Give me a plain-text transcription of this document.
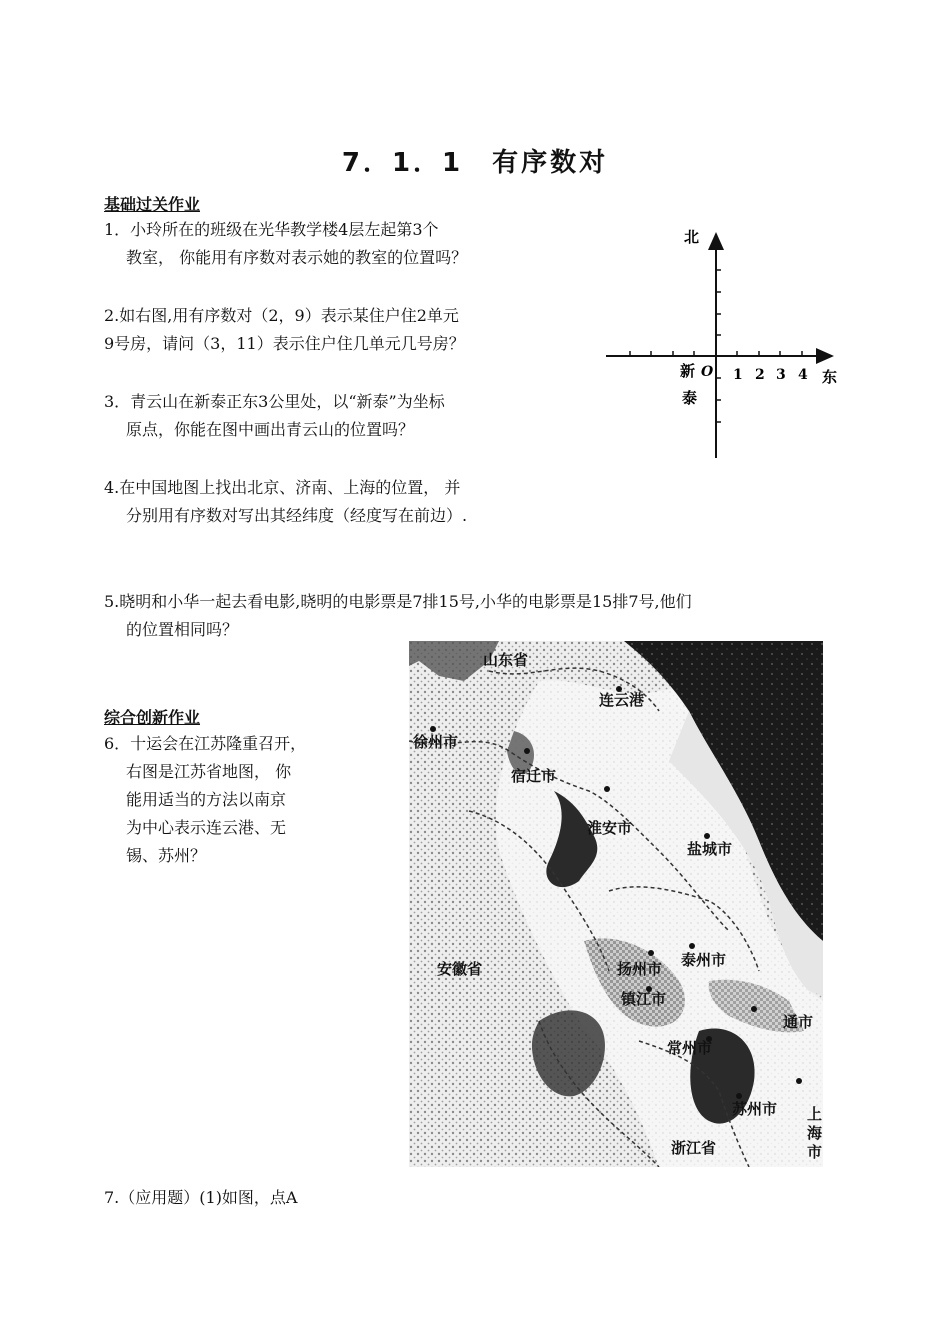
7．1．1　有序数对
基础过关作业
1．小玲所在的班级在光华教学楼4层左起第3个
教室， 你能用有序数对表示她的教室的位置吗？
2.如右图,用有序数对（2，9）表示某住户住2单元
9号房，请问（3，11）表示住户住几单元几号房？
3．青云山在新泰正东3公里处，以“新泰”为坐标
原点，你能在图中画出青云山的位置吗？
4.在中国地图上找出北京、济南、上海的位置， 并
分别用有序数对写出其经纬度（经度写在前边）.
北
东
O
新
泰
1 2 3 4
5.晓明和小华一起去看电影,晓明的电影票是7排15号,小华的电影票是15排7号,他们
的位置相同吗？
综合创新作业
6．十运会在江苏隆重召开，
右图是江苏省地图， 你
能用适当的方法以南京
为中心表示连云港、无
锡、苏州？
山东省
连云港
徐州市
宿迁市
淮安市
盐城市
安徽省	泰州市
扬州市
镇江市
通市
常州市
苏州市 上
海
市
浙江省
7.（应用题）(1)如图，点A
